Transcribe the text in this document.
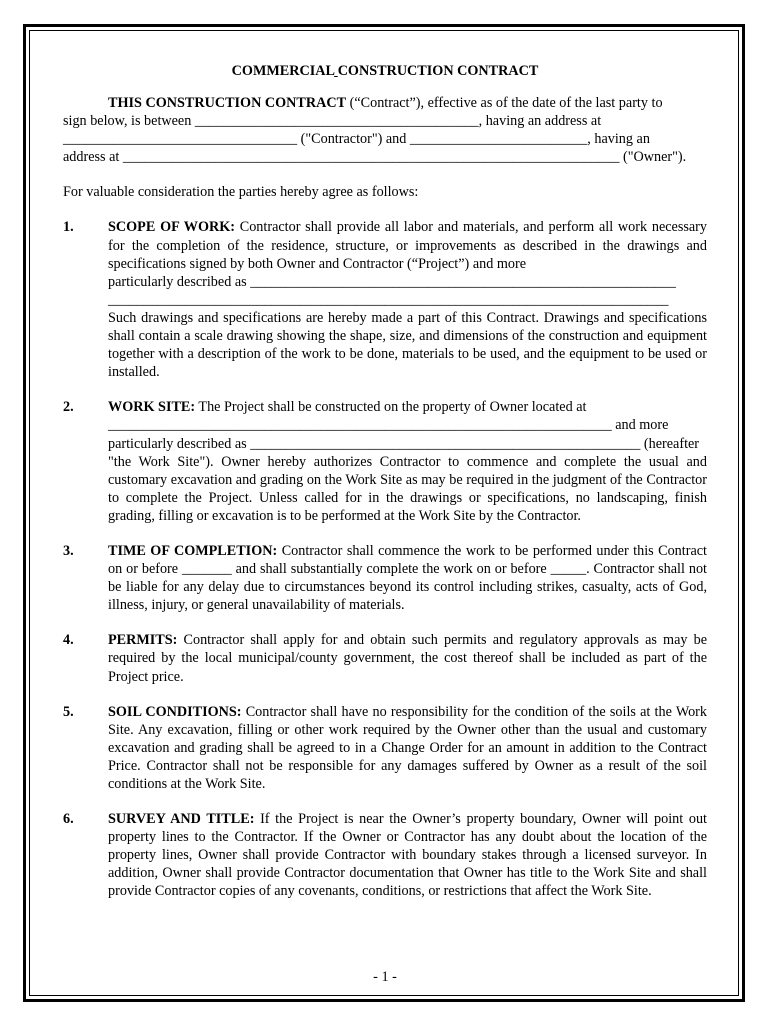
COMMERCIAL CONSTRUCTION CONTRACT
THIS CONSTRUCTION CONTRACT (“Contract”), effective as of the date of the last party to
sign below, is between ________________________________________, having an address at
_________________________________ ("Contractor") and _________________________, having an
address at ______________________________________________________________________ ("Owner").

For valuable consideration the parties hereby agree as follows:

1. SCOPE OF WORK: Contractor shall provide all labor and materials, and perform all work necessary for the completion of the residence, structure, or improvements as described in the drawings and specifications signed by both Owner and Contractor (“Project”) and more

particularly described as ____________________________________________________________
_______________________________________________________________________________

Such drawings and specifications are hereby made a part of this Contract. Drawings and specifications shall contain a scale drawing showing the shape, size, and dimensions of the construction and equipment together with a description of the work to be done, materials to be used, and the equipment to be used or installed.

2. WORK SITE: The Project shall be constructed on the property of Owner located at

_______________________________________________________________________ and more
particularly described as _______________________________________________________ (hereafter

"the Work Site"). Owner hereby authorizes Contractor to commence and complete the usual and customary excavation and grading on the Work Site as may be required in the judgment of the Contractor to complete the Project. Unless called for in the drawings or specifications, no landscaping, finish grading, filling or excavation is to be performed at the Work Site by the Contractor.

3. TIME OF COMPLETION: Contractor shall commence the work to be performed under this Contract on or before _______ and shall substantially complete the work on or before _____. Contractor shall not be liable for any delay due to circumstances beyond its control including strikes, casualty, acts of God, illness, injury, or general unavailability of materials.

4. PERMITS: Contractor shall apply for and obtain such permits and regulatory approvals as may be required by the local municipal/county government, the cost thereof shall be included as part of the Project price.

5. SOIL CONDITIONS: Contractor shall have no responsibility for the condition of the soils at the Work Site. Any excavation, filling or other work required by the Owner other than the usual and customary excavation and grading shall be agreed to in a Change Order for an amount in addition to the Contract Price. Contractor shall not be responsible for any damages suffered by Owner as a result of the soil conditions at the Work Site.

6. SURVEY AND TITLE: If the Project is near the Owner’s property boundary, Owner will point out property lines to the Contractor. If the Owner or Contractor has any doubt about the location of the property lines, Owner shall provide Contractor with boundary stakes through a licensed surveyor. In addition, Owner shall provide Contractor documentation that Owner has title to the Work Site and shall provide Contractor copies of any covenants, conditions, or restrictions that affect the Work Site.

- 1 -
